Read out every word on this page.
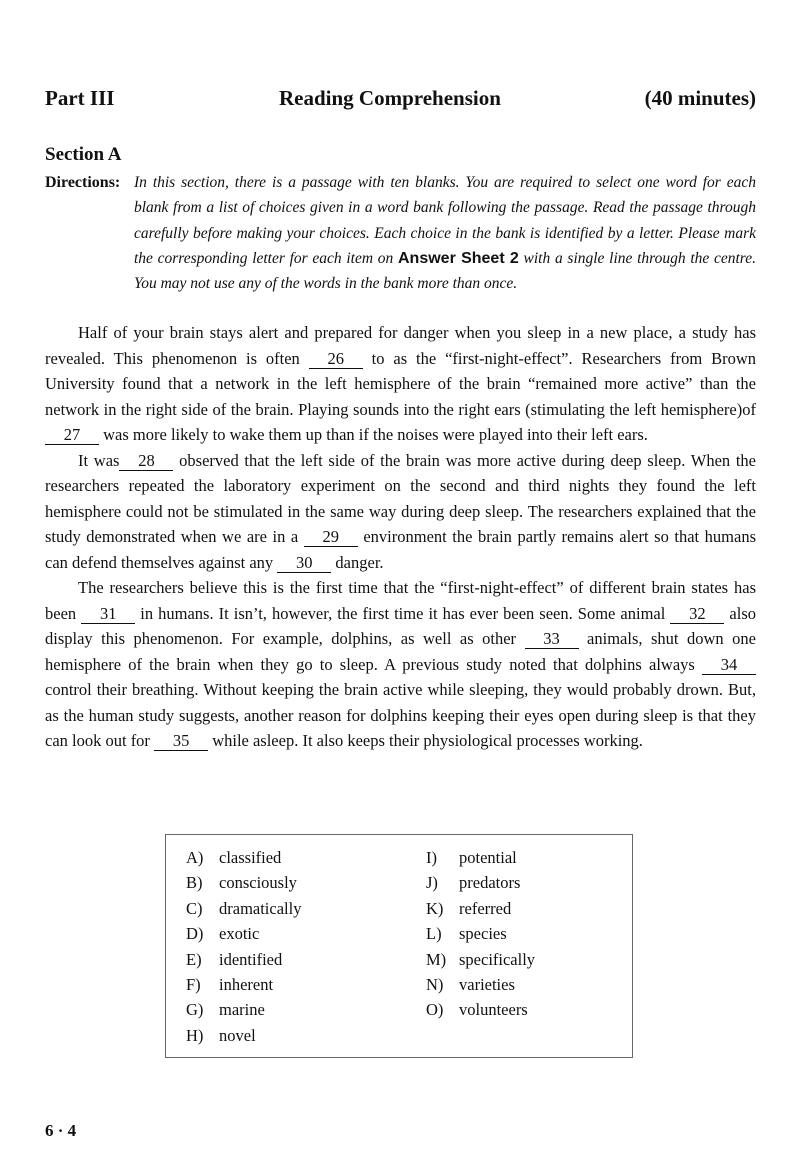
Part III	Reading Comprehension	(40 minutes)
Section A
Directions: In this section, there is a passage with ten blanks. You are required to select one word for each blank from a list of choices given in a word bank following the passage. Read the passage through carefully before making your choices. Each choice in the bank is identified by a letter. Please mark the corresponding letter for each item on Answer Sheet 2 with a single line through the centre. You may not use any of the words in the bank more than once.

Half of your brain stays alert and prepared for danger when you sleep in a new place, a study has revealed. This phenomenon is often 26 to as the “first-night-effect”. Researchers from Brown University found that a network in the left hemisphere of the brain “remained more active” than the network in the right side of the brain. Playing sounds into the right ears (stimulating the left hemisphere)of 27 was more likely to wake them up than if the noises were played into their left ears.

It was 28 observed that the left side of the brain was more active during deep sleep. When the researchers repeated the laboratory experiment on the second and third nights they found the left hemisphere could not be stimulated in the same way during deep sleep. The researchers explained that the study demonstrated when we are in a 29 environment the brain partly remains alert so that humans can defend themselves against any 30 danger.

The researchers believe this is the first time that the “first-night-effect” of different brain states has been 31 in humans. It isn’t, however, the first time it has ever been seen. Some animal 32 also display this phenomenon. For example, dolphins, as well as other 33 animals, shut down one hemisphere of the brain when they go to sleep. A previous study noted that dolphins always 34 control their breathing. Without keeping the brain active while sleeping, they would probably drown. But, as the human study suggests, another reason for dolphins keeping their eyes open during sleep is that they can look out for 35 while asleep. It also keeps their physiological processes working.

A) classified
B) consciously
C) dramatically
D) exotic
E) identified
F) inherent
G) marine
H) novel
I) potential
J) predators
K) referred
L) species
M) specifically
N) varieties
O) volunteers
6 · 4
